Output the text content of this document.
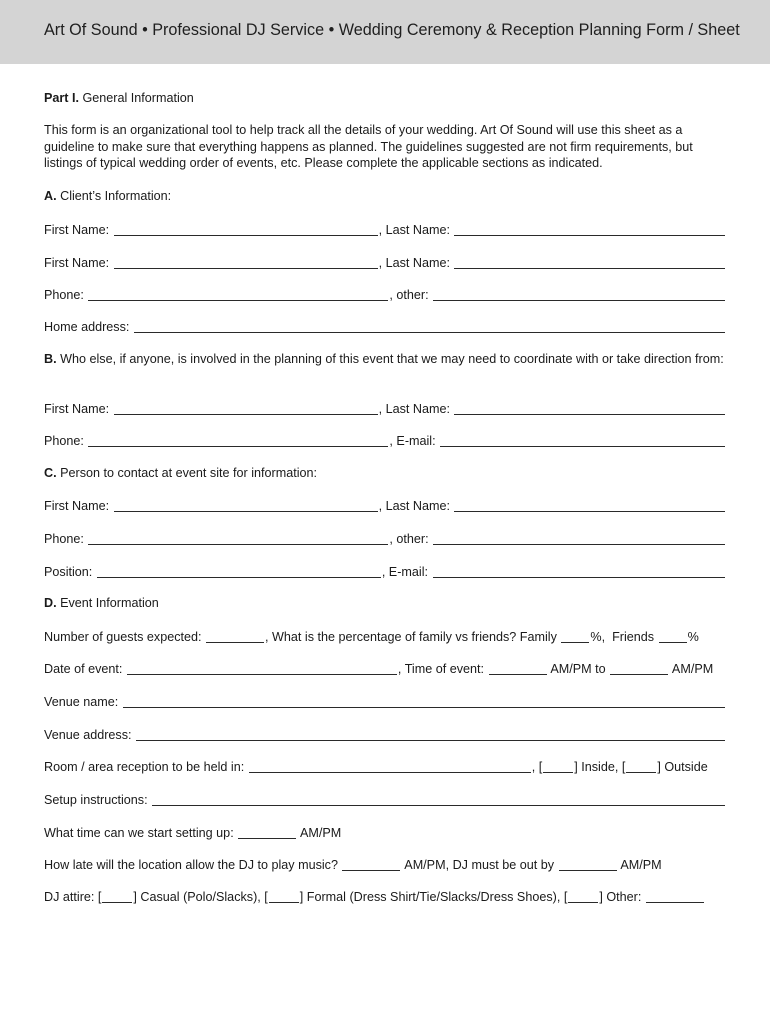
Art Of Sound • Professional DJ Service • Wedding Ceremony & Reception Planning Form / Sheet
Part I. General Information
This form is an organizational tool to help track all the details of your wedding. Art Of Sound will use this sheet as a guideline to make sure that everything happens as planned. The guidelines suggested are not firm requirements, but listings of typical wedding order of events, etc. Please complete the applicable sections as indicated.
A. Client’s Information:
First Name:	, Last Name:
First Name:	, Last Name:
Phone:	, other:
Home address:
B. Who else, if anyone, is involved in the planning of this event that we may need to coordinate with or take direction from:
First Name:	, Last Name:
Phone:	, E-mail:
C. Person to contact at event site for information:
First Name:	, Last Name:
Phone:	, other:
Position:	, E-mail:
D. Event Information
Number of guests expected:	, What is the percentage of family vs friends? Family %,  Friends %
Date of event:	, Time of event:	AM/PM to	AM/PM
Venue name:
Venue address:
Room / area reception to be held in:	, [	] Inside, [	] Outside
Setup instructions:
What time can we start setting up:	AM/PM
How late will the location allow the DJ to play music?	AM/PM, DJ must be out by	AM/PM
DJ attire: [	] Casual (Polo/Slacks), [	] Formal (Dress Shirt/Tie/Slacks/Dress Shoes), [	] Other:
